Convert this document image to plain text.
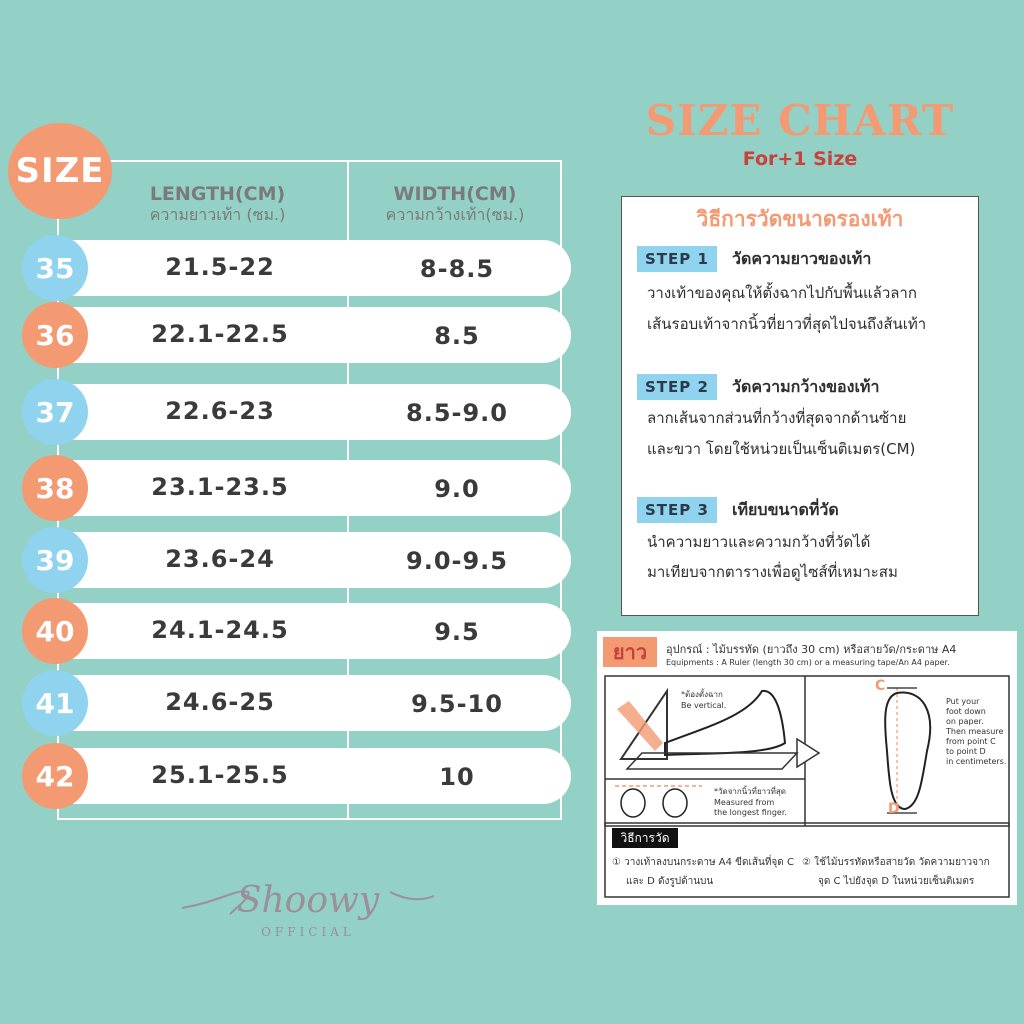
SIZE
LENGTH(CM)
ความยาวเท้า (ซม.)
WIDTH(CM)
ความกว้างเท้า(ซม.)
35	21.5-22	8-8.5
36	22.1-22.5	8.5
37	22.6-23	8.5-9.0
38	23.1-23.5	9.0
39	23.6-24	9.0-9.5
40	24.1-24.5	9.5
41	24.6-25	9.5-10
42	25.1-25.5	10
SIZE CHART
For+1 Size
วิธีการวัดขนาดรองเท้า
STEP 1 วัดความยาวของเท้า
วางเท้าของคุณให้ตั้งฉากไปกับพื้นแล้วลาก
เส้นรอบเท้าจากนิ้วที่ยาวที่สุดไปจนถึงส้นเท้า
STEP 2 วัดความกว้างของเท้า
ลากเส้นจากส่วนที่กว้างที่สุดจากด้านซ้าย
และขวา โดยใช้หน่วยเป็นเซ็นติเมตร(CM)
STEP 3 เทียบขนาดที่วัด
นำความยาวและความกว้างที่วัดได้
มาเทียบจากตารางเพื่อดูไซส์ที่เหมาะสม
ยาว	อุปกรณ์ : ไม้บรรทัด (ยาวถึง 30 cm) หรือสายวัด/กระดาษ A4
Equipments : A Ruler (length 30 cm) or a measuring tape/An A4 paper.
*ต้องตั้งฉาก
Be vertical.
*วัดจากนิ้วที่ยาวที่สุด
Measured from
the longest finger.
C
D
Put your
foot down
on paper.
Then measure
from point C
to point D
in centimeters.
วิธีการวัด
① วางเท้าลงบนกระดาษ A4 ขีดเส้นที่จุด C
และ D ดังรูปด้านบน
② ใช้ไม้บรรทัดหรือสายวัด วัดความยาวจาก
จุด C ไปยังจุด D ในหน่วยเซ็นติเมตร
Shoowy
OFFICIAL
